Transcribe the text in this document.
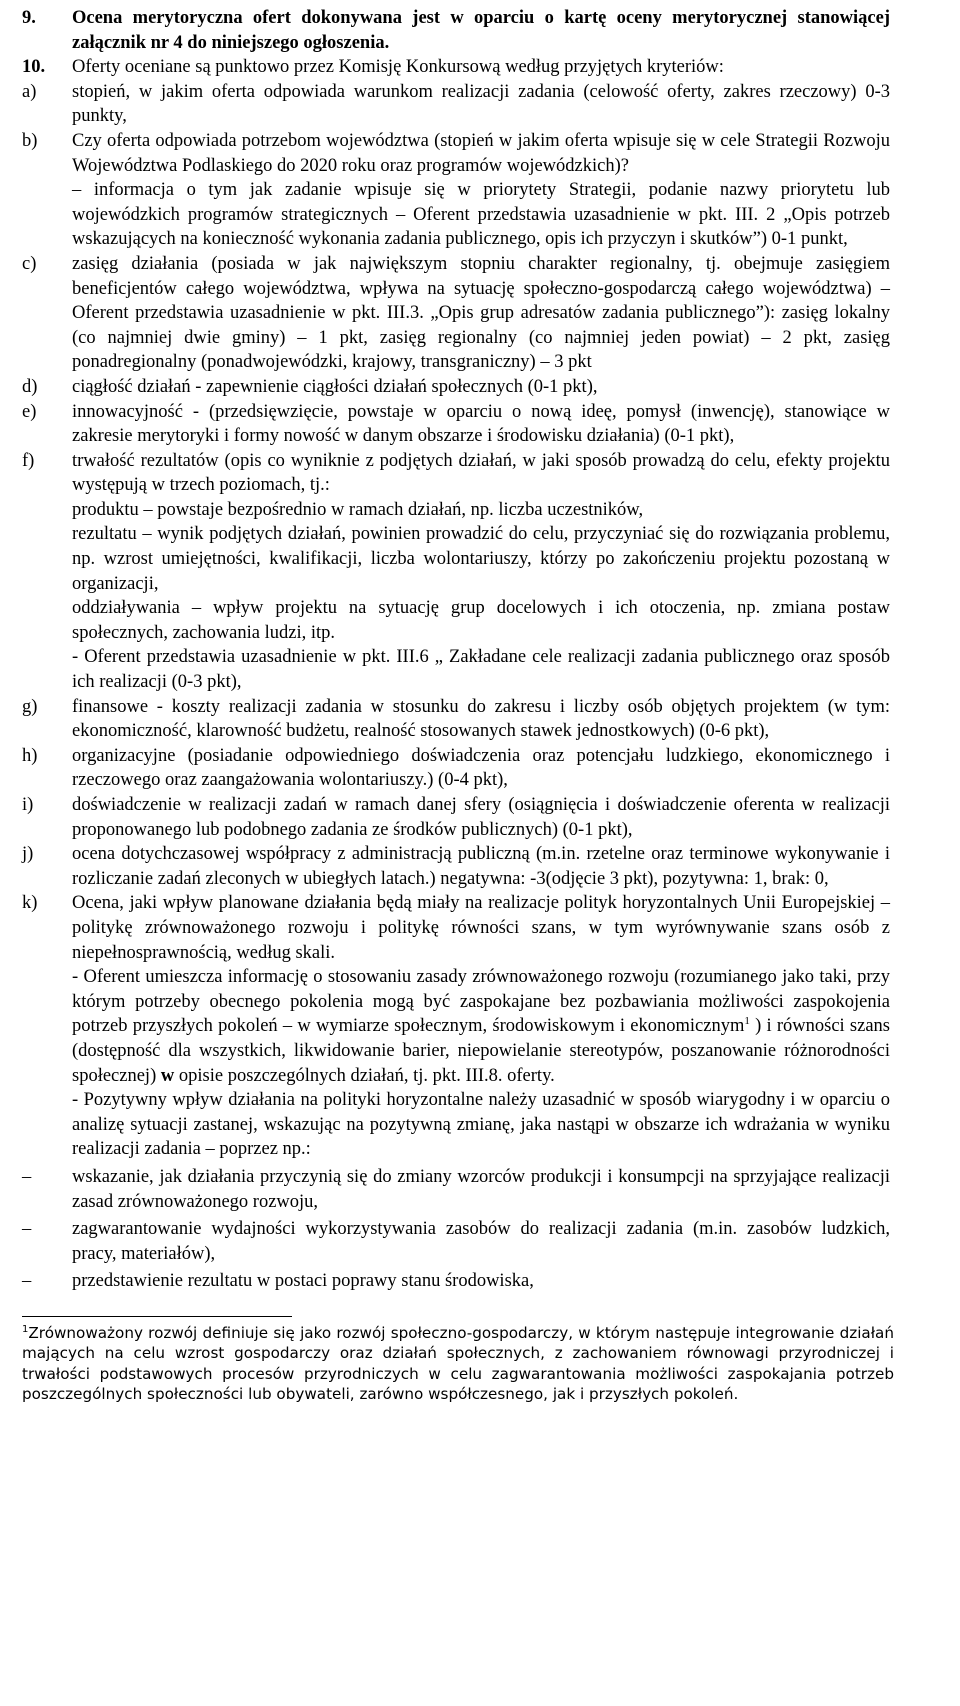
9.	Ocena merytoryczna ofert dokonywana jest w oparciu o kartę oceny merytorycznej stanowiącej załącznik nr 4 do niniejszego ogłoszenia.
10.	Oferty oceniane są punktowo przez Komisję Konkursową według przyjętych kryteriów:
a)	stopień, w jakim oferta odpowiada warunkom realizacji zadania (celowość oferty, zakres rzeczowy) 0-3 punkty,
b)	Czy oferta odpowiada potrzebom województwa (stopień w jakim oferta wpisuje się w cele Strategii Rozwoju Województwa Podlaskiego do 2020 roku oraz programów wojewódzkich)?
– informacja o tym jak zadanie wpisuje się w priorytety Strategii, podanie nazwy priorytetu lub wojewódzkich programów strategicznych – Oferent przedstawia uzasadnienie w pkt. III. 2 „Opis potrzeb wskazujących na konieczność wykonania zadania publicznego, opis ich przyczyn i skutków”) 0-1 punkt,
c)	zasięg działania (posiada w jak największym stopniu charakter regionalny, tj. obejmuje zasięgiem beneficjentów całego województwa, wpływa na sytuację społeczno-gospodarczą całego województwa) – Oferent przedstawia uzasadnienie w pkt. III.3. „Opis grup adresatów zadania publicznego”): zasięg lokalny (co najmniej dwie gminy) – 1 pkt, zasięg regionalny (co najmniej jeden powiat) – 2 pkt, zasięg ponadregionalny (ponadwojewódzki, krajowy, transgraniczny) – 3 pkt
d)	ciągłość działań - zapewnienie ciągłości działań społecznych (0-1 pkt),
e)	innowacyjność - (przedsięwzięcie, powstaje w oparciu o nową ideę, pomysł (inwencję), stanowiące w zakresie merytoryki i formy nowość w danym obszarze i środowisku działania) (0-1 pkt),
f)	trwałość rezultatów (opis co wyniknie z podjętych działań, w jaki sposób prowadzą do celu, efekty projektu występują w trzech poziomach, tj.:
produktu – powstaje bezpośrednio w ramach działań, np. liczba uczestników,
rezultatu – wynik podjętych działań, powinien prowadzić do celu, przyczyniać się do rozwiązania problemu, np. wzrost umiejętności, kwalifikacji, liczba wolontariuszy, którzy po zakończeniu projektu pozostaną w organizacji,
oddziaływania – wpływ projektu na sytuację grup docelowych i ich otoczenia, np. zmiana postaw społecznych, zachowania ludzi, itp.
- Oferent przedstawia uzasadnienie w pkt. III.6 „ Zakładane cele realizacji zadania publicznego oraz sposób ich realizacji (0-3 pkt),
g)	finansowe - koszty realizacji zadania w stosunku do zakresu i liczby osób objętych projektem (w tym: ekonomiczność, klarowność budżetu, realność stosowanych stawek jednostkowych) (0-6 pkt),
h)	organizacyjne (posiadanie odpowiedniego doświadczenia oraz potencjału ludzkiego, ekonomicznego i rzeczowego oraz zaangażowania wolontariuszy.) (0-4 pkt),
i)	doświadczenie w realizacji zadań w ramach danej sfery (osiągnięcia i doświadczenie oferenta w realizacji proponowanego lub podobnego zadania ze środków publicznych) (0-1 pkt),
j)	ocena dotychczasowej współpracy z administracją publiczną (m.in. rzetelne oraz terminowe wykonywanie i rozliczanie zadań zleconych w ubiegłych latach.) negatywna: -3(odjęcie 3 pkt), pozytywna: 1, brak: 0,
k)	Ocena, jaki wpływ planowane działania będą miały na realizacje polityk horyzontalnych Unii Europejskiej – politykę zrównoważonego rozwoju i politykę równości szans, w tym wyrównywanie szans osób z niepełnosprawnością, według skali.
- Oferent umieszcza informację o stosowaniu zasady zrównoważonego rozwoju (rozumianego jako taki, przy którym potrzeby obecnego pokolenia mogą być zaspokajane bez pozbawiania możliwości zaspokojenia potrzeb przyszłych pokoleń – w wymiarze społecznym, środowiskowym i ekonomicznym$^1$ ) i równości szans (dostępność dla wszystkich, likwidowanie barier, niepowielanie stereotypów, poszanowanie różnorodności społecznej) w opisie poszczególnych działań, tj. pkt. III.8. oferty.
- Pozytywny wpływ działania na polityki horyzontalne należy uzasadnić w sposób wiarygodny i w oparciu o analizę sytuacji zastanej, wskazując na pozytywną zmianę, jaka nastąpi w obszarze ich wdrażania w wyniku realizacji zadania – poprzez np.:
–	wskazanie, jak działania przyczynią się do zmiany wzorców produkcji i konsumpcji na sprzyjające realizacji zasad zrównoważonego rozwoju,
–	zagwarantowanie wydajności wykorzystywania zasobów do realizacji zadania (m.in. zasobów ludzkich, pracy, materiałów),
–	przedstawienie rezultatu w postaci poprawy stanu środowiska,
$^1$Zrównoważony rozwój definiuje się jako rozwój społeczno-gospodarczy, w którym następuje integrowanie działań mających na celu wzrost gospodarczy oraz działań społecznych, z zachowaniem równowagi przyrodniczej i trwałości podstawowych procesów przyrodniczych w celu zagwarantowania możliwości zaspokajania potrzeb poszczególnych społeczności lub obywateli, zarówno współczesnego, jak i przyszłych pokoleń.
